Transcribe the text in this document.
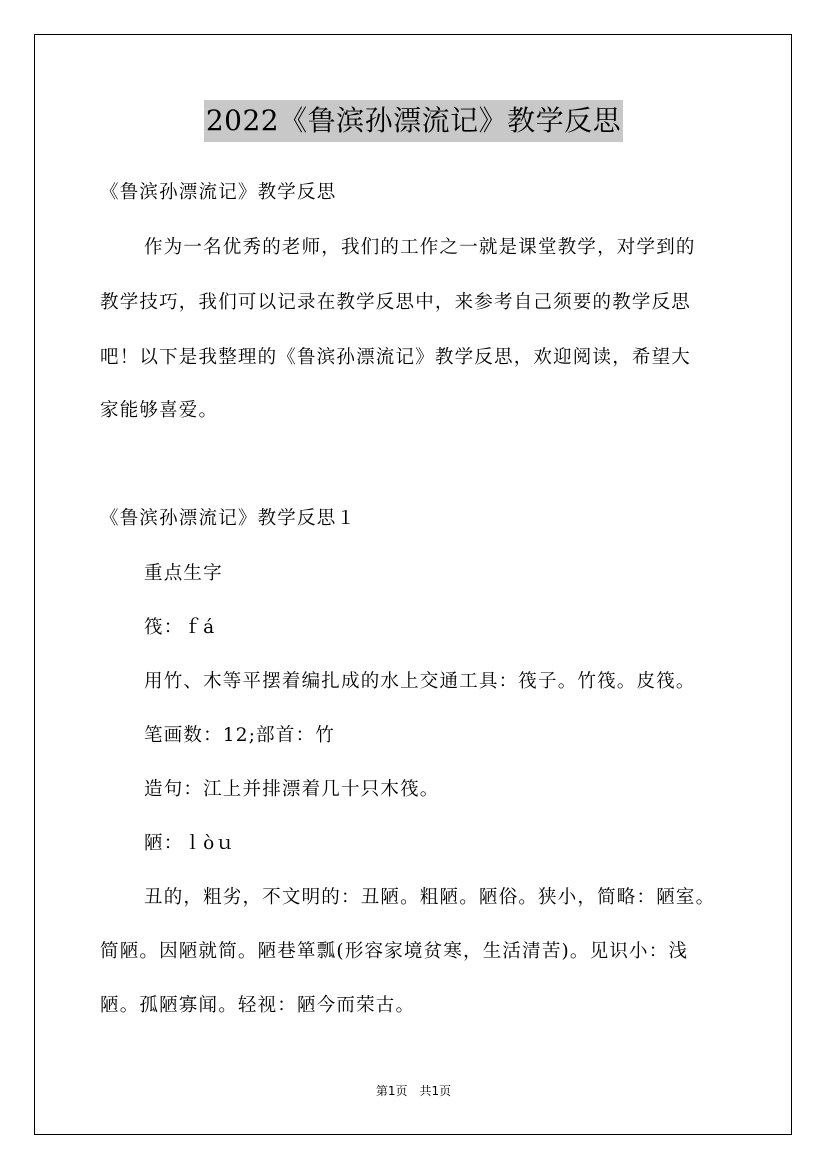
2022《鲁滨孙漂流记》教学反思
《鲁滨孙漂流记》教学反思
作为一名优秀的老师，我们的工作之一就是课堂教学，对学到的
教学技巧，我们可以记录在教学反思中，来参考自己须要的教学反思
吧！以下是我整理的《鲁滨孙漂流记》教学反思，欢迎阅读，希望大
家能够喜爱。
《鲁滨孙漂流记》教学反思１
重点生字
筏：ｆá
用竹、木等平摆着编扎成的水上交通工具：筏子。竹筏。皮筏。
笔画数：12;部首：竹
造句：江上并排漂着几十只木筏。
陋：ｌòｕ
丑的，粗劣，不文明的：丑陋。粗陋。陋俗。狭小，简略：陋室。
简陋。因陋就简。陋巷箪瓢(形容家境贫寒，生活清苦)。见识小：浅
陋。孤陋寡闻。轻视：陋今而荣古。
第1页　共1页
